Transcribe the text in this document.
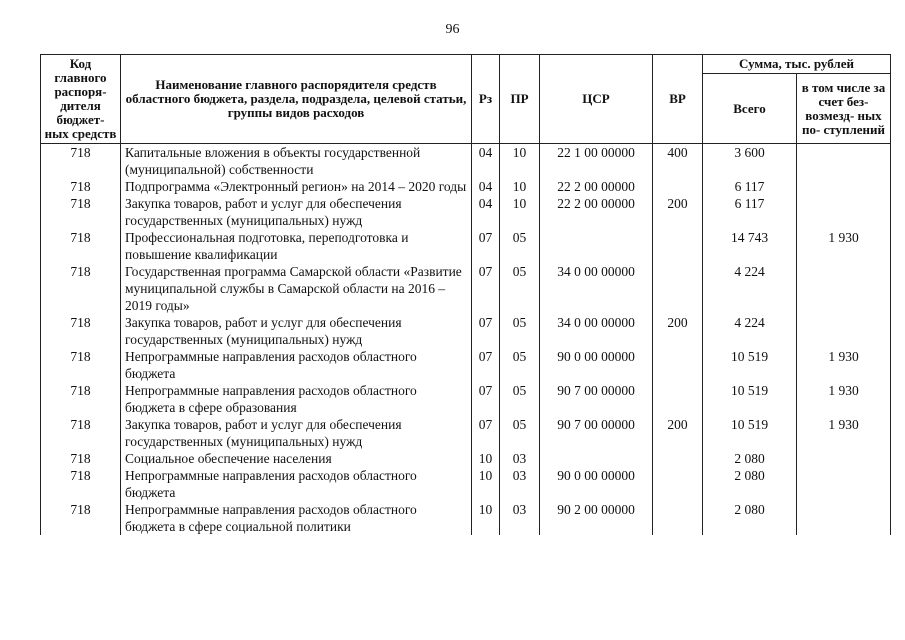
96
Код главного распоря- дителя бюджет- ных средств	Наименование главного распорядителя средств областного бюджета, раздела, подраздела, целевой статьи, группы видов расходов	Рз	ПР	ЦСР	ВР	Сумма, тыс. рублей	
						Всего	в том числе за счет без- возмезд- ных по- ступлений
718	Капитальные вложения в объекты государственной (муниципальной) собственности	04	10	22 1 00 00000	400	3 600	
718	Подпрограмма «Электронный регион» на 2014 – 2020 годы	04	10	22 2 00 00000		6 117	
718	Закупка товаров, работ и услуг для обеспечения государственных (муниципальных) нужд	04	10	22 2 00 00000	200	6 117	
718	Профессиональная подготовка, переподготовка и повышение квалификации	07	05			14 743	1 930
718	Государственная программа Самарской области «Развитие муниципальной службы в Самарской области на 2016 – 2019 годы»	07	05	34 0 00 00000		4 224	
718	Закупка товаров, работ и услуг для обеспечения государственных (муниципальных) нужд	07	05	34 0 00 00000	200	4 224	
718	Непрограммные направления расходов областного бюджета	07	05	90 0 00 00000		10 519	1 930
718	Непрограммные направления расходов областного бюджета в сфере образования	07	05	90 7 00 00000		10 519	1 930
718	Закупка товаров, работ и услуг для обеспечения государственных (муниципальных) нужд	07	05	90 7 00 00000	200	10 519	1 930
718	Социальное обеспечение населения	10	03			2 080	
718	Непрограммные направления расходов областного бюджета	10	03	90 0 00 00000		2 080	
718	Непрограммные направления расходов областного бюджета в сфере социальной политики	10	03	90 2 00 00000		2 080	
